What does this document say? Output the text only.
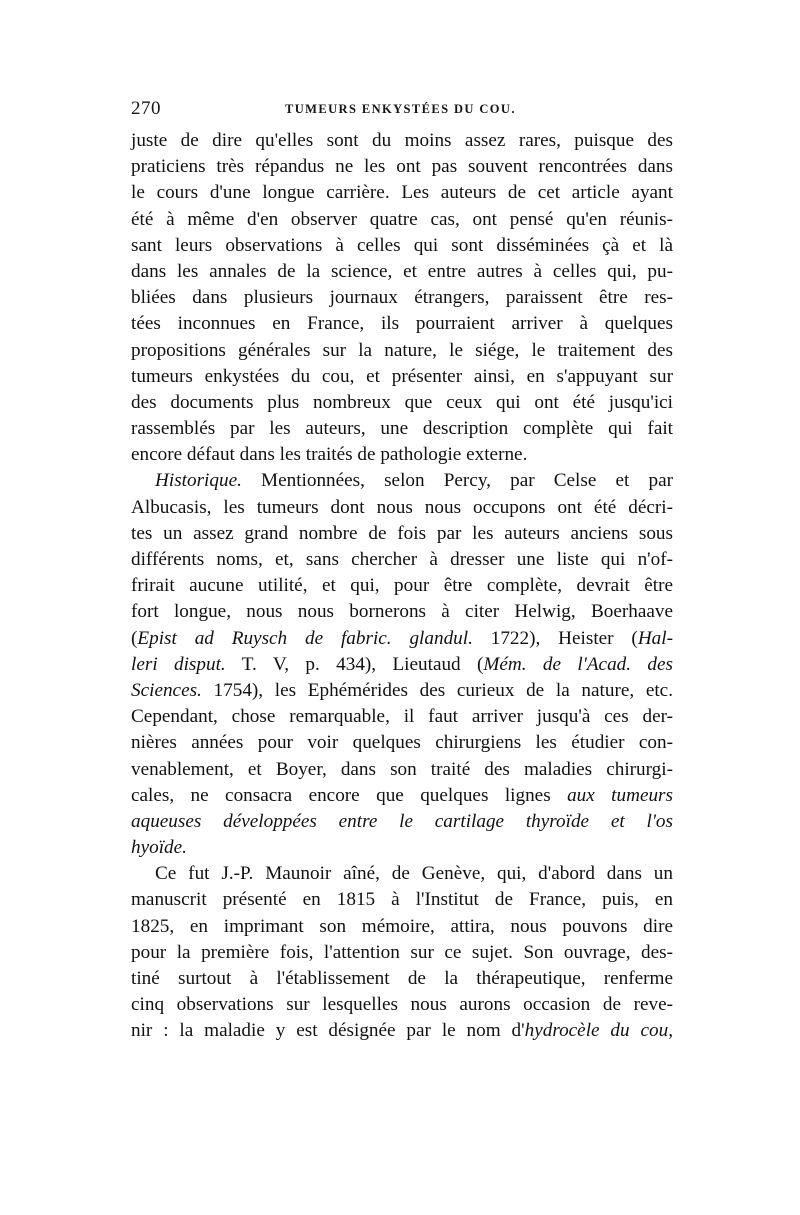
270	TUMEURS ENKYSTÉES DU COU.
juste de dire qu'elles sont du moins assez rares, puisque des
praticiens très répandus ne les ont pas souvent rencontrées dans
le cours d'une longue carrière. Les auteurs de cet article ayant
été à même d'en observer quatre cas, ont pensé qu'en réunis-
sant leurs observations à celles qui sont disséminées çà et là
dans les annales de la science, et entre autres à celles qui, pu-
bliées dans plusieurs journaux étrangers, paraissent être res-
tées inconnues en France, ils pourraient arriver à quelques
propositions générales sur la nature, le siége, le traitement des
tumeurs enkystées du cou, et présenter ainsi, en s'appuyant sur
des documents plus nombreux que ceux qui ont été jusqu'ici
rassemblés par les auteurs, une description complète qui fait
encore défaut dans les traités de pathologie externe.
Historique. Mentionnées, selon Percy, par Celse et par
Albucasis, les tumeurs dont nous nous occupons ont été décri-
tes un assez grand nombre de fois par les auteurs anciens sous
différents noms, et, sans chercher à dresser une liste qui n'of-
frirait aucune utilité, et qui, pour être complète, devrait être
fort longue, nous nous bornerons à citer Helwig, Boerhaave
(Epist ad Ruysch de fabric. glandul. 1722), Heister (Hal-
leri disput. T. V, p. 434), Lieutaud (Mém. de l'Acad. des
Sciences. 1754), les Ephémérides des curieux de la nature, etc.
Cependant, chose remarquable, il faut arriver jusqu'à ces der-
nières années pour voir quelques chirurgiens les étudier con-
venablement, et Boyer, dans son traité des maladies chirurgi-
cales, ne consacra encore que quelques lignes aux tumeurs
aqueuses développées entre le cartilage thyroïde et l'os
hyoïde.
Ce fut J.-P. Maunoir aîné, de Genève, qui, d'abord dans un
manuscrit présenté en 1815 à l'Institut de France, puis, en
1825, en imprimant son mémoire, attira, nous pouvons dire
pour la première fois, l'attention sur ce sujet. Son ouvrage, des-
tiné surtout à l'établissement de la thérapeutique, renferme
cinq observations sur lesquelles nous aurons occasion de reve-
nir : la maladie y est désignée par le nom d'hydrocèle du cou,
